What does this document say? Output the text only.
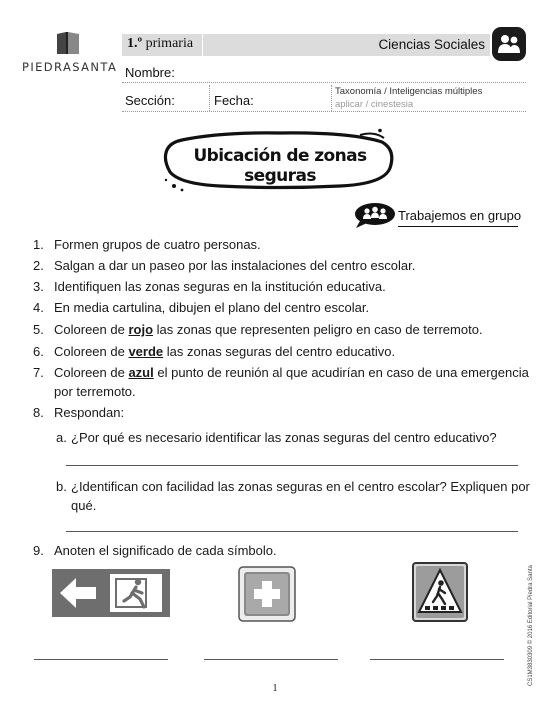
PIEDRASANTA
1.º primaria	Ciencias Sociales
Nombre:
Sección:	Fecha:
Taxonomía / Inteligencias múltiples
aplicar / cinestesia
Ubicación de zonas seguras
Trabajemos en grupo
1. Formen grupos de cuatro personas.
2. Salgan a dar un paseo por las instalaciones del centro escolar.
3. Identifiquen las zonas seguras en la institución educativa.
4. En media cartulina, dibujen el plano del centro escolar.
5. Coloreen de rojo las zonas que representen peligro en caso de terremoto.
6. Coloreen de verde las zonas seguras del centro educativo.
7. Coloreen de azul el punto de reunión al que acudirían en caso de una emergencia
por terremoto.
8. Respondan:
a. ¿Por qué es necesario identificar las zonas seguras del centro educativo?
b. ¿Identifican con facilidad las zonas seguras en el centro escolar? Expliquen por
qué.
9. Anoten el significado de cada símbolo.
CS1M3830309 © 2016 Editorial Piedra Santa
1
